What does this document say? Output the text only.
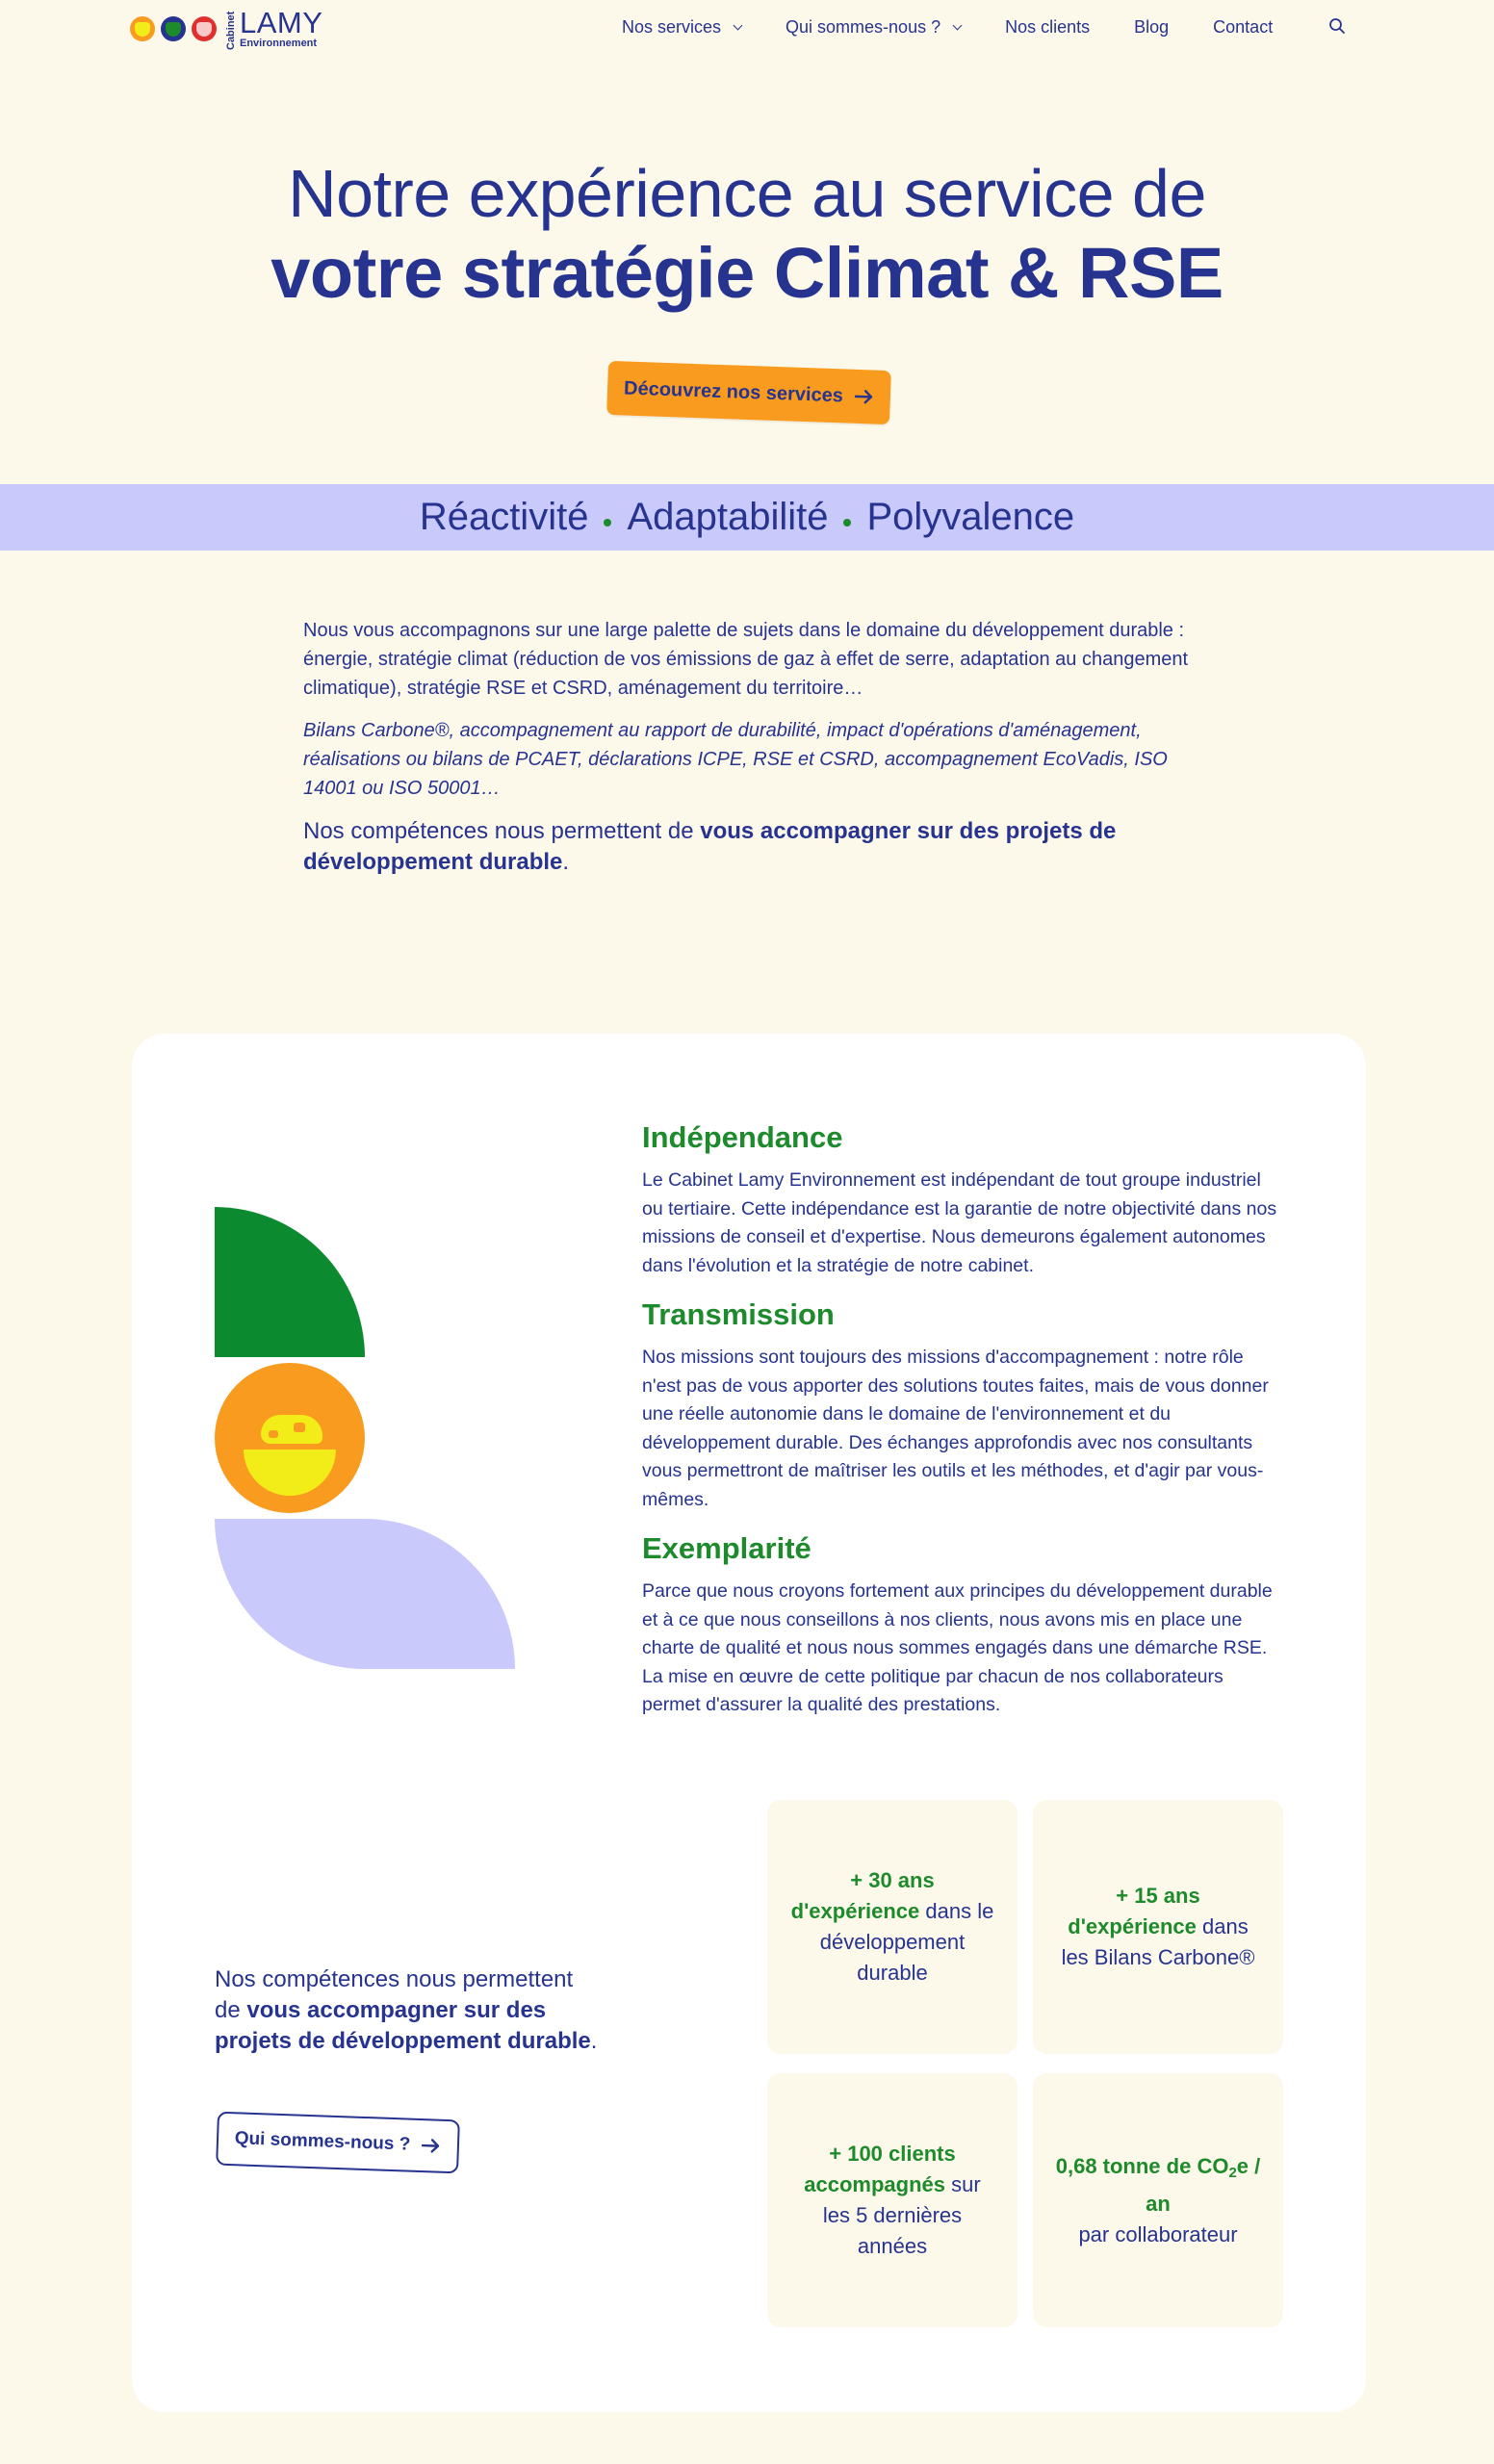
Cabinet LAMY
Environnement
Nos services	Qui sommes-nous ?	Nos clients	Blog	Contact
Notre expérience au service de
votre stratégie Climat & RSE
Découvrez nos services
Réactivité Adaptabilité Polyvalence

Nous vous accompagnons sur une large palette de sujets dans le domaine du développement durable : énergie, stratégie climat (réduction de vos émissions de gaz à effet de serre, adaptation au changement climatique), stratégie RSE et CSRD, aménagement du territoire…

Bilans Carbone®, accompagnement au rapport de durabilité, impact d'opérations d'aménagement, réalisations ou bilans de PCAET, déclarations ICPE, RSE et CSRD, accompagnement EcoVadis, ISO 14001 ou ISO 50001…

Nos compétences nous permettent de vous accompagner sur des projets de développement durable.

Indépendance

Le Cabinet Lamy Environnement est indépendant de tout groupe industriel ou tertiaire. Cette indépendance est la garantie de notre objectivité dans nos missions de conseil et d'expertise. Nous demeurons également autonomes dans l'évolution et la stratégie de notre cabinet.

Transmission

Nos missions sont toujours des missions d'accompagnement : notre rôle n'est pas de vous apporter des solutions toutes faites, mais de vous donner une réelle autonomie dans le domaine de l'environnement et du développement durable. Des échanges approfondis avec nos consultants vous permettront de maîtriser les outils et les méthodes, et d'agir par vous-mêmes.

Exemplarité

Parce que nous croyons fortement aux principes du développement durable et à ce que nous conseillons à nos clients, nous avons mis en place une charte de qualité et nous nous sommes engagés dans une démarche RSE. La mise en œuvre de cette politique par chacun de nos collaborateurs permet d'assurer la qualité des prestations.

Nos compétences nous permettent de vous accompagner sur des projets de développement durable.
Qui sommes-nous ?
+ 30 ans d'expérience dans le développement durable
+ 15 ans d'expérience dans les Bilans Carbone®
+ 100 clients accompagnés sur les 5 dernières années
0,68 tonne de $CO_2e$ / an
par collaborateur
